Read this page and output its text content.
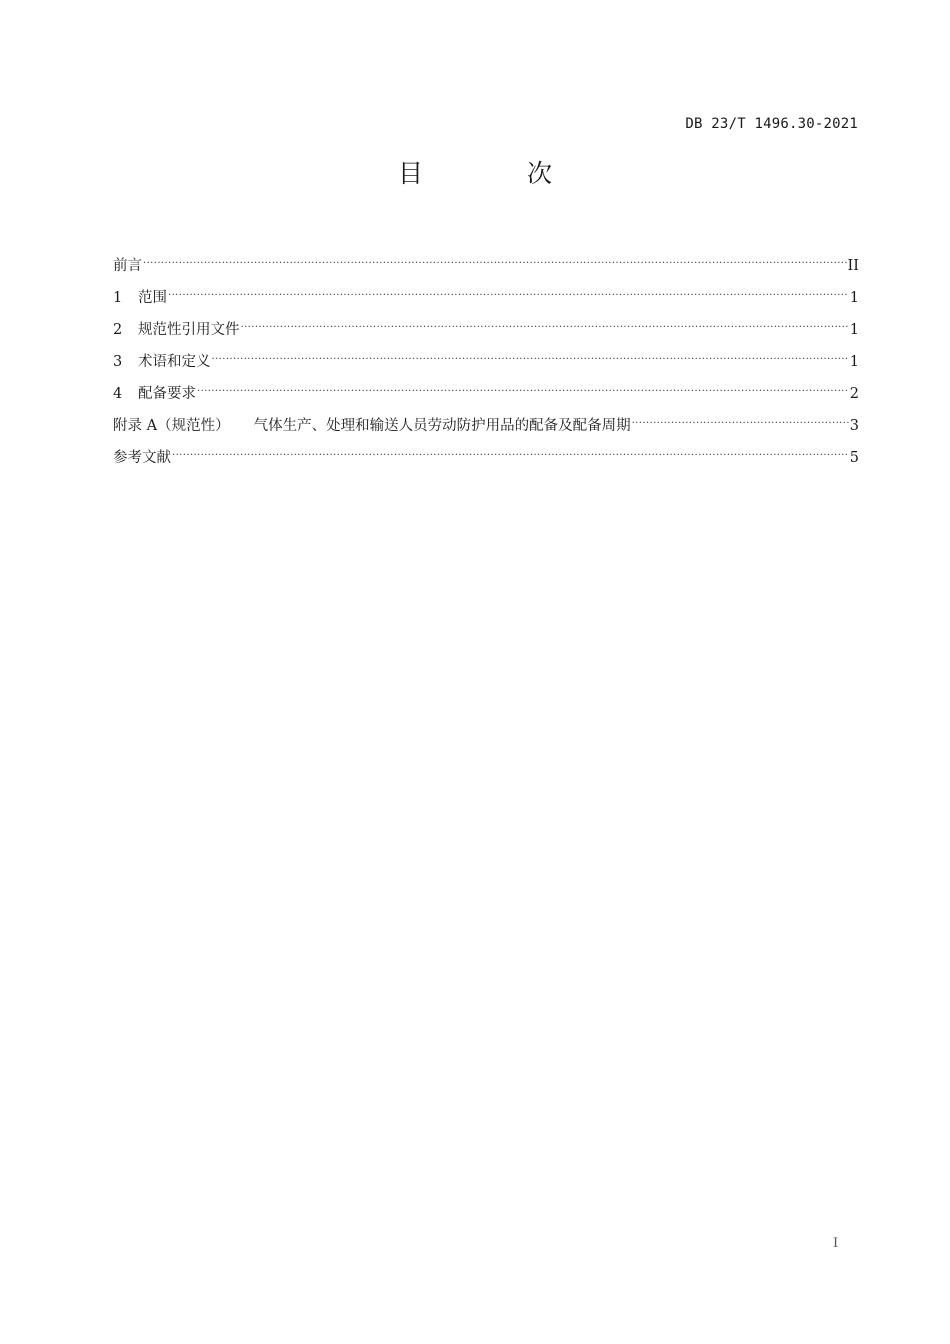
DB 23/T 1496.30-2021
目 次
前言 .....	II
1	范围 .....	1
2	规范性引用文件 .....	1
3	术语和定义 .....	1
4	配备要求 .....	2
附录 A（规范性） 气体生产、处理和输送人员劳动防护用品的配备及配备周期 .....	3
参考文献 .....	5
I
